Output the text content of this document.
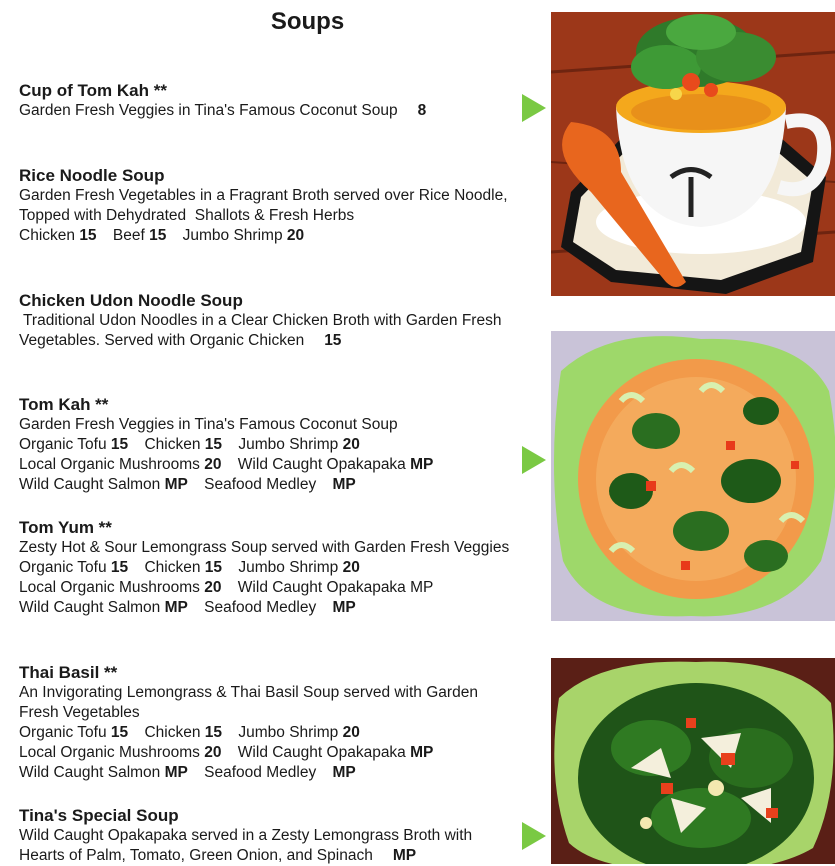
Soups
Cup of Tom Kah **
Garden Fresh Veggies in Tina's Famous Coconut Soup 8
Rice Noodle Soup
Garden Fresh Vegetables in a Fragrant Broth served over Rice Noodle,
Topped with Dehydrated  Shallots & Fresh Herbs
Chicken 15 Beef 15 Jumbo Shrimp 20
Chicken Udon Noodle Soup
Traditional Udon Noodles in a Clear Chicken Broth with Garden Fresh
Vegetables. Served with Organic Chicken 15
Tom Kah **
Garden Fresh Veggies in Tina's Famous Coconut Soup
Organic Tofu 15 Chicken 15 Jumbo Shrimp 20
Local Organic Mushrooms 20 Wild Caught Opakapaka MP
Wild Caught Salmon MP Seafood Medley MP
Tom Yum **
Zesty Hot & Sour Lemongrass Soup served with Garden Fresh Veggies
Organic Tofu 15 Chicken 15 Jumbo Shrimp 20
Local Organic Mushrooms 20 Wild Caught Opakapaka MP
Wild Caught Salmon MP Seafood Medley MP
Thai Basil **
An Invigorating Lemongrass & Thai Basil Soup served with Garden
Fresh Vegetables
Organic Tofu 15 Chicken 15 Jumbo Shrimp 20
Local Organic Mushrooms 20 Wild Caught Opakapaka MP
Wild Caught Salmon MP Seafood Medley MP
Tina's Special Soup
Wild Caught Opakapaka served in a Zesty Lemongrass Broth with
Hearts of Palm, Tomato, Green Onion, and Spinach MP
